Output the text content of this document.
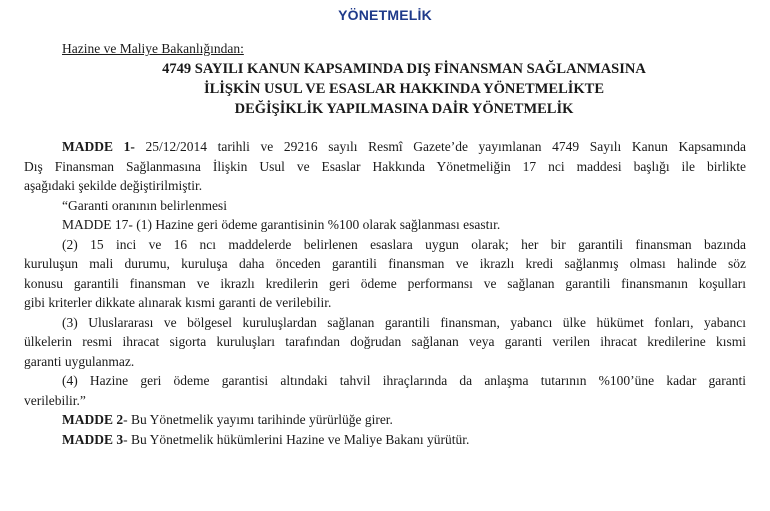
YÖNETMELİK

Hazine ve Maliye Bakanlığından:

4749 SAYILI KANUN KAPSAMINDA DIŞ FİNANSMAN SAĞLANMASINA

İLİŞKİN USUL VE ESASLAR HAKKINDA YÖNETMELİKTE

DEĞİŞİKLİK YAPILMASINA DAİR YÖNETMELİK

MADDE 1- 25/12/2014 tarihli ve 29216 sayılı Resmî Gazete’de yayımlanan 4749 Sayılı Kanun Kapsamında

Dış Finansman Sağlanmasına İlişkin Usul ve Esaslar Hakkında Yönetmeliğin 17 nci maddesi başlığı ile birlikte

aşağıdaki şekilde değiştirilmiştir.

“Garanti oranının belirlenmesi

MADDE 17- (1) Hazine geri ödeme garantisinin %100 olarak sağlanması esastır.

(2) 15 inci ve 16 ncı maddelerde belirlenen esaslara uygun olarak; her bir garantili finansman bazında

kuruluşun mali durumu, kuruluşa daha önceden garantili finansman ve ikrazlı kredi sağlanmış olması halinde söz

konusu garantili finansman ve ikrazlı kredilerin geri ödeme performansı ve sağlanan garantili finansmanın koşulları

gibi kriterler dikkate alınarak kısmi garanti de verilebilir.

(3) Uluslararası ve bölgesel kuruluşlardan sağlanan garantili finansman, yabancı ülke hükümet fonları, yabancı

ülkelerin resmi ihracat sigorta kuruluşları tarafından doğrudan sağlanan veya garanti verilen ihracat kredilerine kısmi

garanti uygulanmaz.

(4) Hazine geri ödeme garantisi altındaki tahvil ihraçlarında da anlaşma tutarının %100’üne kadar garanti

verilebilir.”

MADDE 2- Bu Yönetmelik yayımı tarihinde yürürlüğe girer.

MADDE 3- Bu Yönetmelik hükümlerini Hazine ve Maliye Bakanı yürütür.
